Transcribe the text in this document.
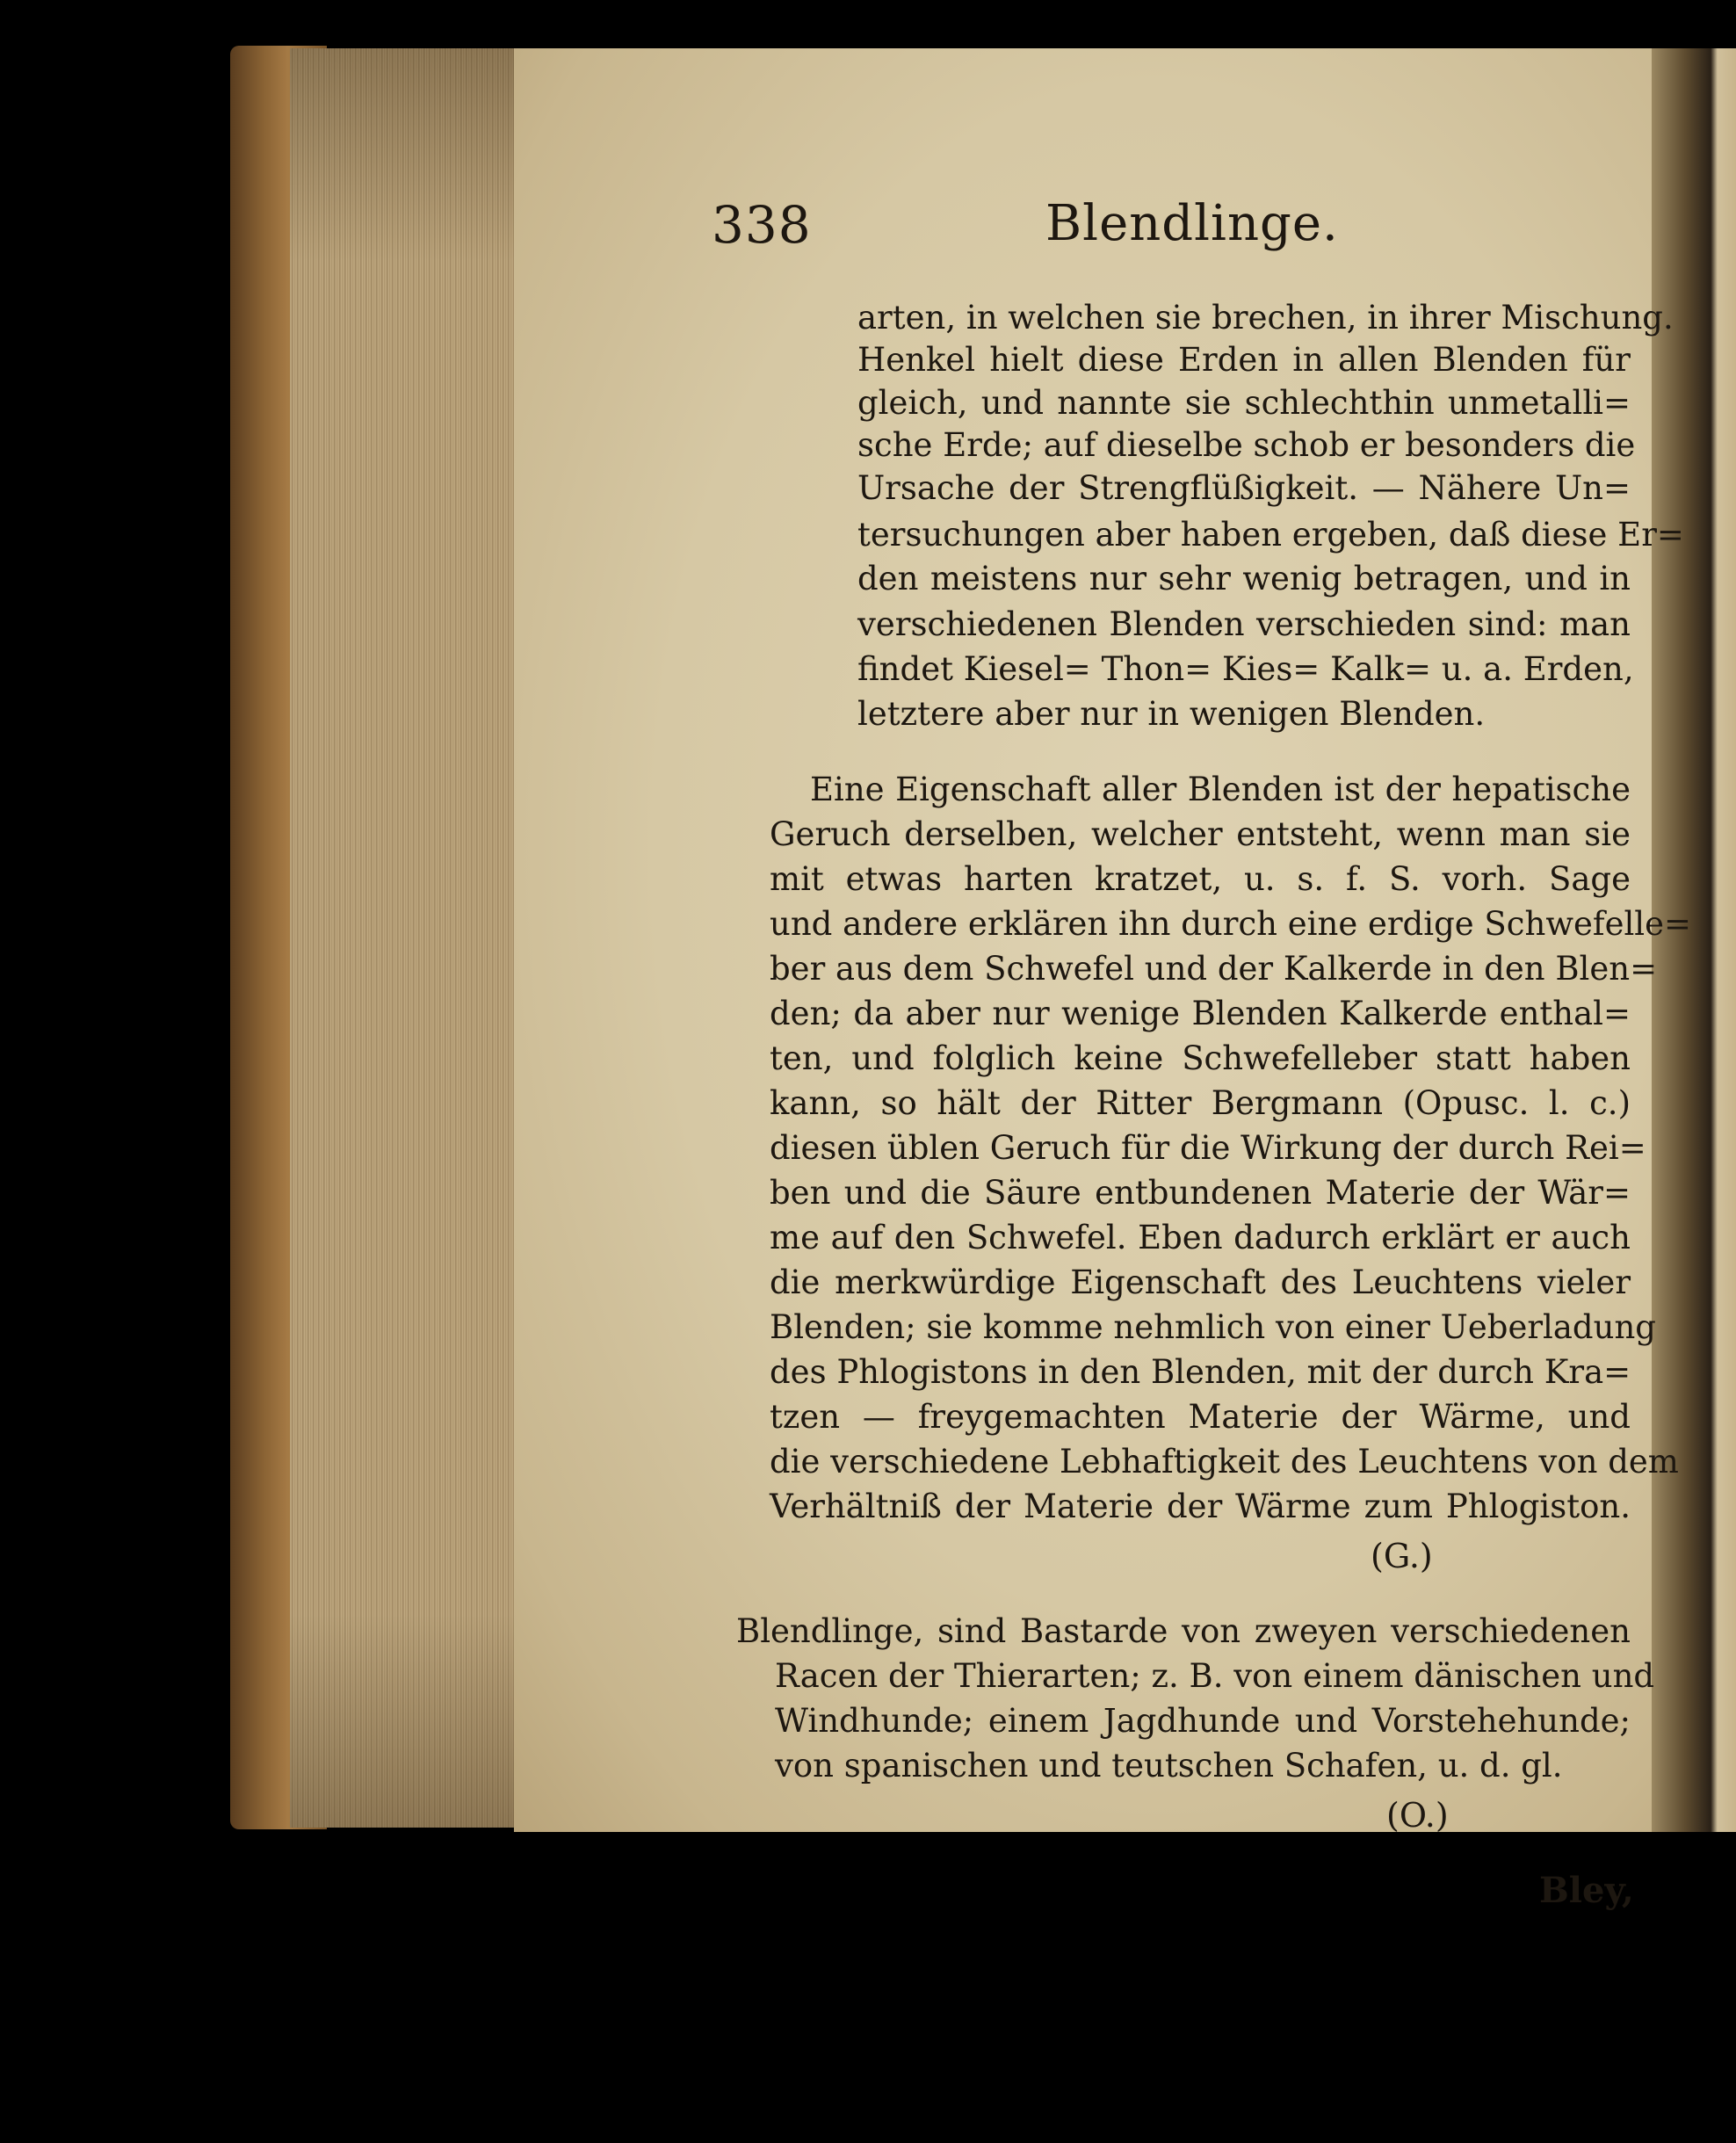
338	Blendlinge.
arten, in welchen sie brechen, in ihrer Mischung.
Henkel hielt diese Erden in allen Blenden für
gleich, und nannte sie schlechthin unmetalli=
sche Erde; auf dieselbe schob er besonders die
Ursache der Strengflüßigkeit. — Nähere Un=
tersuchungen aber haben ergeben, daß diese Er=
den meistens nur sehr wenig betragen, und in
verschiedenen Blenden verschieden sind: man
findet Kiesel= Thon= Kies= Kalk= u. a. Erden,
letztere aber nur in wenigen Blenden.
Eine Eigenschaft aller Blenden ist der hepatische
Geruch derselben, welcher entsteht, wenn man sie
mit etwas harten kratzet, u. s. f. S. vorh. Sage
und andere erklären ihn durch eine erdige Schwefelle=
ber aus dem Schwefel und der Kalkerde in den Blen=
den; da aber nur wenige Blenden Kalkerde enthal=
ten, und folglich keine Schwefelleber statt haben
kann, so hält der Ritter Bergmann (Opusc. l. c.)
diesen üblen Geruch für die Wirkung der durch Rei=
ben und die Säure entbundenen Materie der Wär=
me auf den Schwefel. Eben dadurch erklärt er auch
die merkwürdige Eigenschaft des Leuchtens vieler
Blenden; sie komme nehmlich von einer Ueberladung
des Phlogistons in den Blenden, mit der durch Kra=
tzen — freygemachten Materie der Wärme, und
die verschiedene Lebhaftigkeit des Leuchtens von dem
Verhältniß der Materie der Wärme zum Phlogiston.
(G.)
Blendlinge, sind Bastarde von zweyen verschiedenen
Racen der Thierarten; z. B. von einem dänischen und
Windhunde; einem Jagdhunde und Vorstehehunde;
von spanischen und teutschen Schafen, u. d. gl.
(O.)
Bley,
